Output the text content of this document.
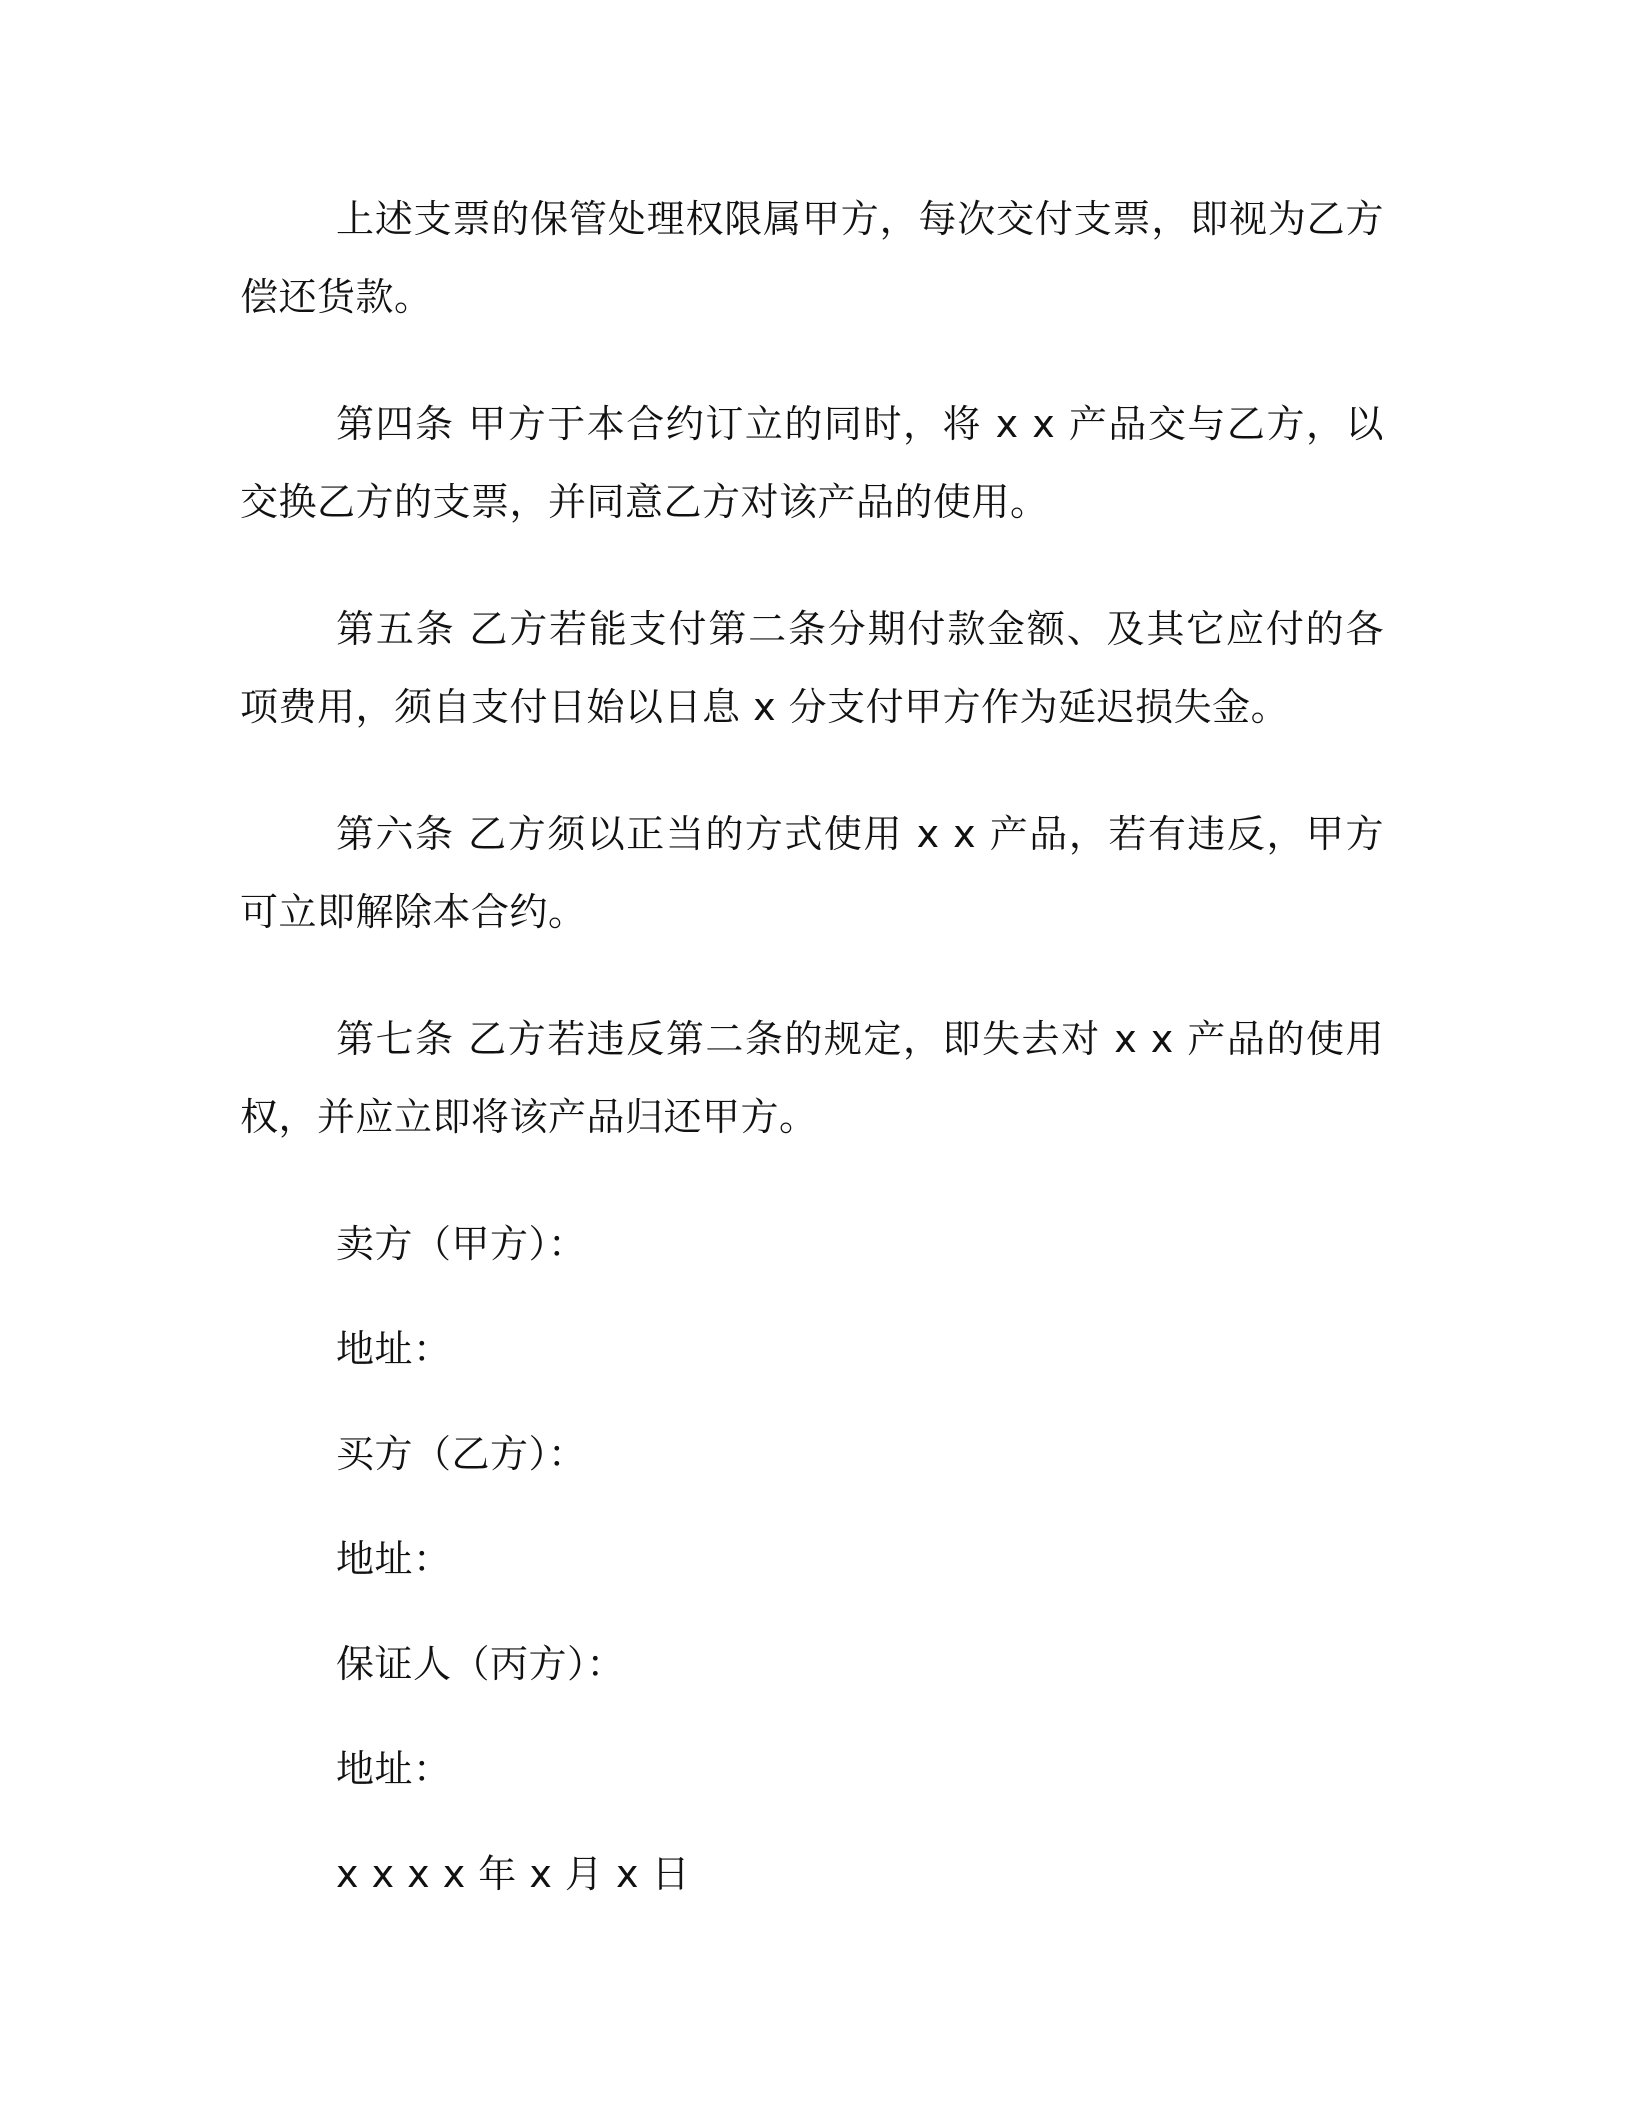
上述支票的保管处理权限属甲方，每次交付支票，即视为乙方偿还货款。

第四条 甲方于本合约订立的同时，将 x x 产品交与乙方，以交换乙方的支票，并同意乙方对该产品的使用。

第五条 乙方若能支付第二条分期付款金额、及其它应付的各项费用，须自支付日始以日息 x 分支付甲方作为延迟损失金。

第六条 乙方须以正当的方式使用 x x 产品，若有违反，甲方可立即解除本合约。

第七条 乙方若违反第二条的规定，即失去对 x x 产品的使用权，并应立即将该产品归还甲方。

卖方（甲方）：
地址：
买方（乙方）：
地址：
保证人（丙方）：
地址：
x x x x 年 x 月 x 日
